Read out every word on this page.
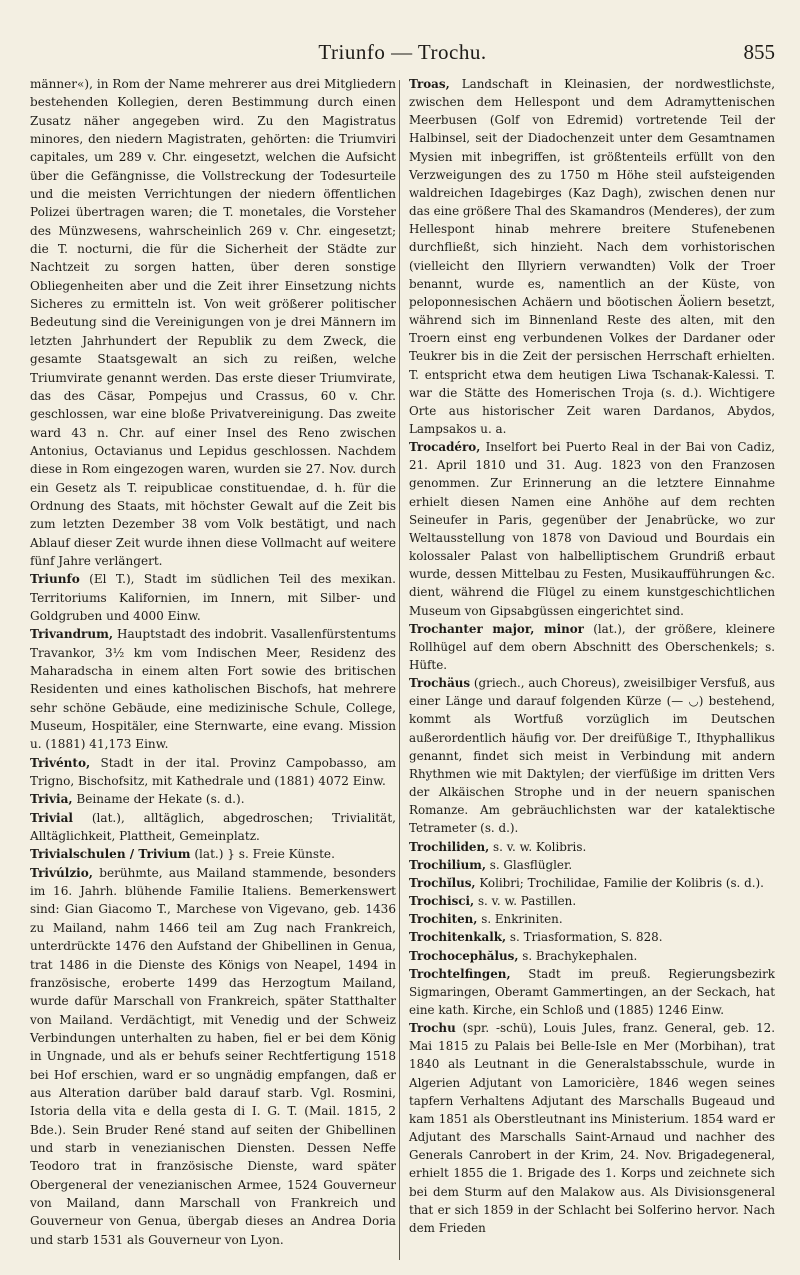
Triunfo — Trochu.	855

männer«), in Rom der Name mehrerer aus drei Mitgliedern bestehenden Kollegien, deren Bestimmung durch einen Zusatz näher angegeben wird. Zu den Magistratus minores, den niedern Magistraten, gehörten: die Triumviri capitales, um 289 v. Chr. eingesetzt, welchen die Aufsicht über die Gefängnisse, die Vollstreckung der Todesurteile und die meisten Verrichtungen der niedern öffentlichen Polizei übertragen waren; die T. monetales, die Vorsteher des Münzwesens, wahrscheinlich 269 v. Chr. eingesetzt; die T. nocturni, die für die Sicherheit der Städte zur Nachtzeit zu sorgen hatten, über deren sonstige Obliegenheiten aber und die Zeit ihrer Einsetzung nichts Sicheres zu ermitteln ist. Von weit größerer politischer Bedeutung sind die Vereinigungen von je drei Männern im letzten Jahrhundert der Republik zu dem Zweck, die gesamte Staatsgewalt an sich zu reißen, welche Triumvirate genannt werden. Das erste dieser Triumvirate, das des Cäsar, Pompejus und Crassus, 60 v. Chr. geschlossen, war eine bloße Privatvereinigung. Das zweite ward 43 n. Chr. auf einer Insel des Reno zwischen Antonius, Octavianus und Lepidus geschlossen. Nachdem diese in Rom eingezogen waren, wurden sie 27. Nov. durch ein Gesetz als T. reipublicae constituendae, d. h. für die Ordnung des Staats, mit höchster Gewalt auf die Zeit bis zum letzten Dezember 38 vom Volk bestätigt, und nach Ablauf dieser Zeit wurde ihnen diese Vollmacht auf weitere fünf Jahre verlängert.

Triunfo (El T.), Stadt im südlichen Teil des mexikan. Territoriums Kalifornien, im Innern, mit Silber- und Goldgruben und 4000 Einw.

Trivandrum, Hauptstadt des indobrit. Vasallenfürstentums Travankor, 3½ km vom Indischen Meer, Residenz des Maharadscha in einem alten Fort sowie des britischen Residenten und eines katholischen Bischofs, hat mehrere sehr schöne Gebäude, eine medizinische Schule, College, Museum, Hospitäler, eine Sternwarte, eine evang. Mission u. (1881) 41,173 Einw.

Trivénto, Stadt in der ital. Provinz Campobasso, am Trigno, Bischofsitz, mit Kathedrale und (1881) 4072 Einw.

Trivia, Beiname der Hekate (s. d.).

Trivial (lat.), alltäglich, abgedroschen; Trivialität, Alltäglichkeit, Plattheit, Gemeinplatz.

Trivialschulen / Trivium (lat.) } s. Freie Künste.

Trivúlzio, berühmte, aus Mailand stammende, besonders im 16. Jahrh. blühende Familie Italiens. Bemerkenswert sind: Gian Giacomo T., Marchese von Vigevano, geb. 1436 zu Mailand, nahm 1466 teil am Zug nach Frankreich, unterdrückte 1476 den Aufstand der Ghibellinen in Genua, trat 1486 in die Dienste des Königs von Neapel, 1494 in französische, eroberte 1499 das Herzogtum Mailand, wurde dafür Marschall von Frankreich, später Statthalter von Mailand. Verdächtigt, mit Venedig und der Schweiz Verbindungen unterhalten zu haben, fiel er bei dem König in Ungnade, und als er behufs seiner Rechtfertigung 1518 bei Hof erschien, ward er so ungnädig empfangen, daß er aus Alteration darüber bald darauf starb. Vgl. Rosmini, Istoria della vita e della gesta di I. G. T. (Mail. 1815, 2 Bde.). Sein Bruder René stand auf seiten der Ghibellinen und starb in venezianischen Diensten. Dessen Neffe Teodoro trat in französische Dienste, ward später Obergeneral der venezianischen Armee, 1524 Gouverneur von Mailand, dann Marschall von Frankreich und Gouverneur von Genua, übergab dieses an Andrea Doria und starb 1531 als Gouverneur von Lyon.

Troas, Landschaft in Kleinasien, der nordwestlichste, zwischen dem Hellespont und dem Adramyttenischen Meerbusen (Golf von Edremid) vortretende Teil der Halbinsel, seit der Diadochenzeit unter dem Gesamtnamen Mysien mit inbegriffen, ist größtenteils erfüllt von den Verzweigungen des zu 1750 m Höhe steil aufsteigenden waldreichen Idagebirges (Kaz Dagh), zwischen denen nur das eine größere Thal des Skamandros (Menderes), der zum Hellespont hinab mehrere breitere Stufenebenen durchfließt, sich hinzieht. Nach dem vorhistorischen (vielleicht den Illyriern verwandten) Volk der Troer benannt, wurde es, namentlich an der Küste, von peloponnesischen Achäern und böotischen Äoliern besetzt, während sich im Binnenland Reste des alten, mit den Troern einst eng verbundenen Volkes der Dardaner oder Teukrer bis in die Zeit der persischen Herrschaft erhielten. T. entspricht etwa dem heutigen Liwa Tschanak-Kalessi. T. war die Stätte des Homerischen Troja (s. d.). Wichtigere Orte aus historischer Zeit waren Dardanos, Abydos, Lampsakos u. a.

Trocadéro, Inselfort bei Puerto Real in der Bai von Cadiz, 21. April 1810 und 31. Aug. 1823 von den Franzosen genommen. Zur Erinnerung an die letztere Einnahme erhielt diesen Namen eine Anhöhe auf dem rechten Seineufer in Paris, gegenüber der Jenabrücke, wo zur Weltausstellung von 1878 von Davioud und Bourdais ein kolossaler Palast von halbelliptischem Grundriß erbaut wurde, dessen Mittelbau zu Festen, Musikaufführungen &c. dient, während die Flügel zu einem kunstgeschichtlichen Museum von Gipsabgüssen eingerichtet sind.

Trochanter major, minor (lat.), der größere, kleinere Rollhügel auf dem obern Abschnitt des Oberschenkels; s. Hüfte.

Trochäus (griech., auch Choreus), zweisilbiger Versfuß, aus einer Länge und darauf folgenden Kürze (— ◡) bestehend, kommt als Wortfuß vorzüglich im Deutschen außerordentlich häufig vor. Der dreifüßige T., Ithyphallikus genannt, findet sich meist in Verbindung mit andern Rhythmen wie mit Daktylen; der vierfüßige im dritten Vers der Alkäischen Strophe und in der neuern spanischen Romanze. Am gebräuchlichsten war der katalektische Tetrameter (s. d.).

Trochiliden, s. v. w. Kolibris.

Trochilium, s. Glasflügler.

Trochĭlus, Kolibri; Trochilidae, Familie der Kolibris (s. d.).

Trochisci, s. v. w. Pastillen.

Trochiten, s. Enkriniten.

Trochitenkalk, s. Triasformation, S. 828.

Trochocephălus, s. Brachykephalen.

Trochtelfingen, Stadt im preuß. Regierungsbezirk Sigmaringen, Oberamt Gammertingen, an der Seckach, hat eine kath. Kirche, ein Schloß und (1885) 1246 Einw.

Trochu (spr. -schü), Louis Jules, franz. General, geb. 12. Mai 1815 zu Palais bei Belle-Isle en Mer (Morbihan), trat 1840 als Leutnant in die Generalstabsschule, wurde in Algerien Adjutant von Lamoricière, 1846 wegen seines tapfern Verhaltens Adjutant des Marschalls Bugeaud und kam 1851 als Oberstleutnant ins Ministerium. 1854 ward er Adjutant des Marschalls Saint-Arnaud und nachher des Generals Canrobert in der Krim, 24. Nov. Brigadegeneral, erhielt 1855 die 1. Brigade des 1. Korps und zeichnete sich bei dem Sturm auf den Malakow aus. Als Divisionsgeneral that er sich 1859 in der Schlacht bei Solferino hervor. Nach dem Frieden
